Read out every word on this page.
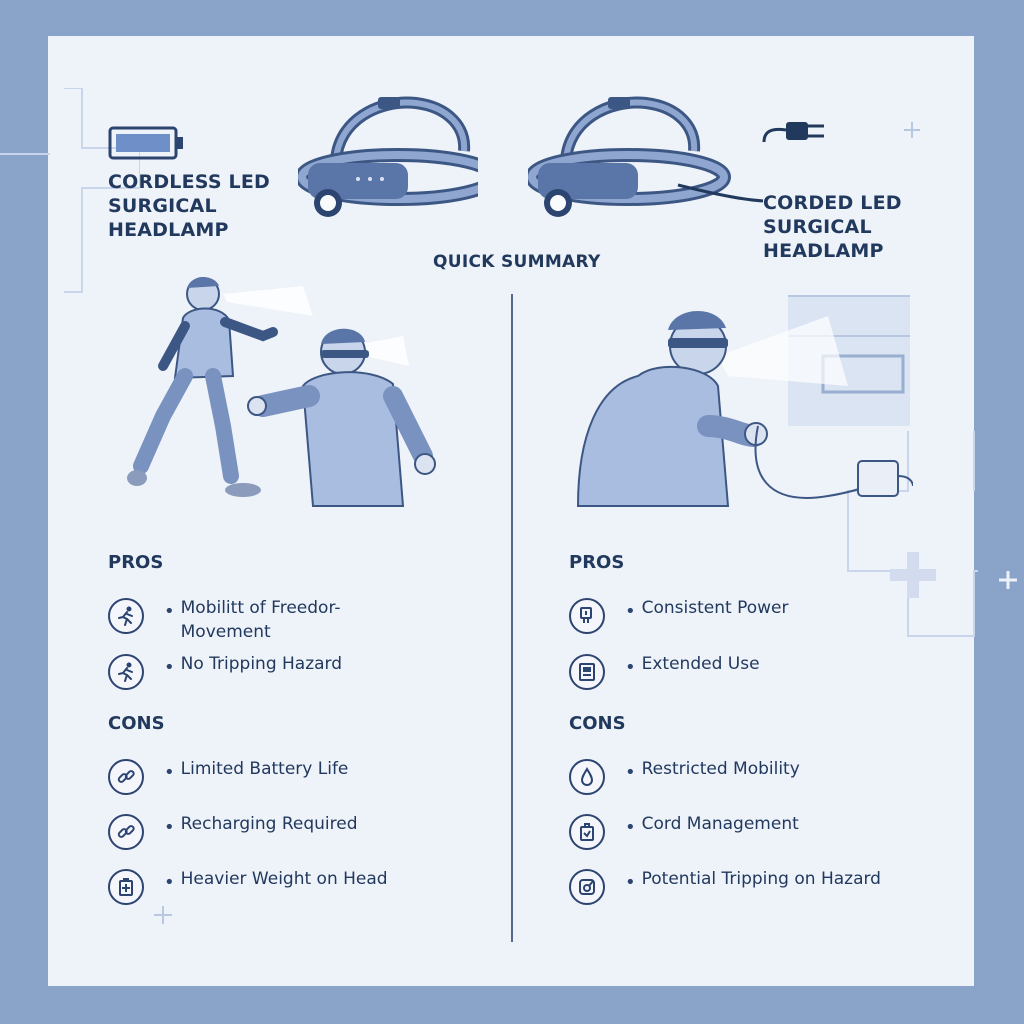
CORDLESS LED
SURGICAL
HEADLAMP
CORDED LED
SURGICAL
HEADLAMP
QUICK SUMMARY
PROS
• Mobilitt of Freedor-
Movement
• No Tripping Hazard
CONS
• Limited Battery Life
• Recharging Required
• Heavier Weight on Head
PROS
• Consistent Power
• Extended Use
CONS
• Restricted Mobility
• Cord Management
• Potential Tripping on Hazard
